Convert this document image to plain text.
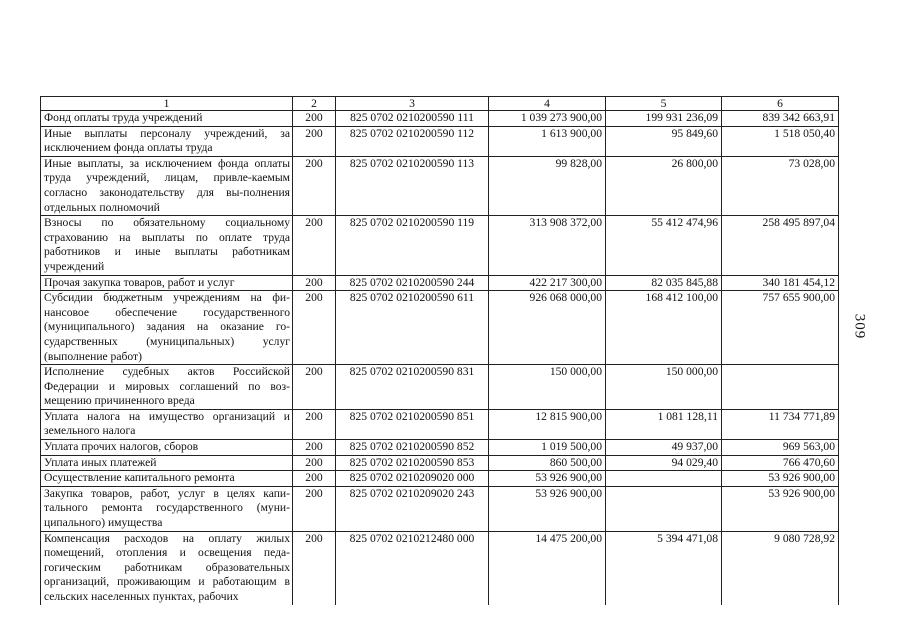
1	2	3	4	5	6
Фонд оплаты труда учреждений	200	825 0702 0210200590 111	1 039 273 900,00	199 931 236,09	839 342 663,91
Иные выплаты персоналу учреждений, за исключением фонда оплаты труда	200	825 0702 0210200590 112	1 613 900,00	95 849,60	1 518 050,40
Иные выплаты, за исключением фонда оплаты труда учреждений, лицам, привле-каемым согласно законодательству для вы-полнения отдельных полномочий	200	825 0702 0210200590 113	99 828,00	26 800,00	73 028,00
Взносы по обязательному социальному страхованию на выплаты по оплате труда работников и иные выплаты работникам учреждений	200	825 0702 0210200590 119	313 908 372,00	55 412 474,96	258 495 897,04
Прочая закупка товаров, работ и услуг	200	825 0702 0210200590 244	422 217 300,00	82 035 845,88	340 181 454,12
Субсидии бюджетным учреждениям на фи-нансовое обеспечение государственного (муниципального) задания на оказание го-сударственных (муниципальных) услуг (выполнение работ)	200	825 0702 0210200590 611	926 068 000,00	168 412 100,00	757 655 900,00
Исполнение судебных актов Российской Федерации и мировых соглашений по воз-мещению причиненного вреда	200	825 0702 0210200590 831	150 000,00	150 000,00	
Уплата налога на имущество организаций и земельного налога	200	825 0702 0210200590 851	12 815 900,00	1 081 128,11	11 734 771,89
Уплата прочих налогов, сборов	200	825 0702 0210200590 852	1 019 500,00	49 937,00	969 563,00
Уплата иных платежей	200	825 0702 0210200590 853	860 500,00	94 029,40	766 470,60
Осуществление капитального ремонта	200	825 0702 0210209020 000	53 926 900,00		53 926 900,00
Закупка товаров, работ, услуг в целях капи-тального ремонта государственного (муни-ципального) имущества	200	825 0702 0210209020 243	53 926 900,00		53 926 900,00
Компенсация расходов на оплату жилых помещений, отопления и освещения педа-гогическим работникам образовательных организаций, проживающим и работающим в сельских населенных пунктах, рабочих	200	825 0702 0210212480 000	14 475 200,00	5 394 471,08	9 080 728,92
309
